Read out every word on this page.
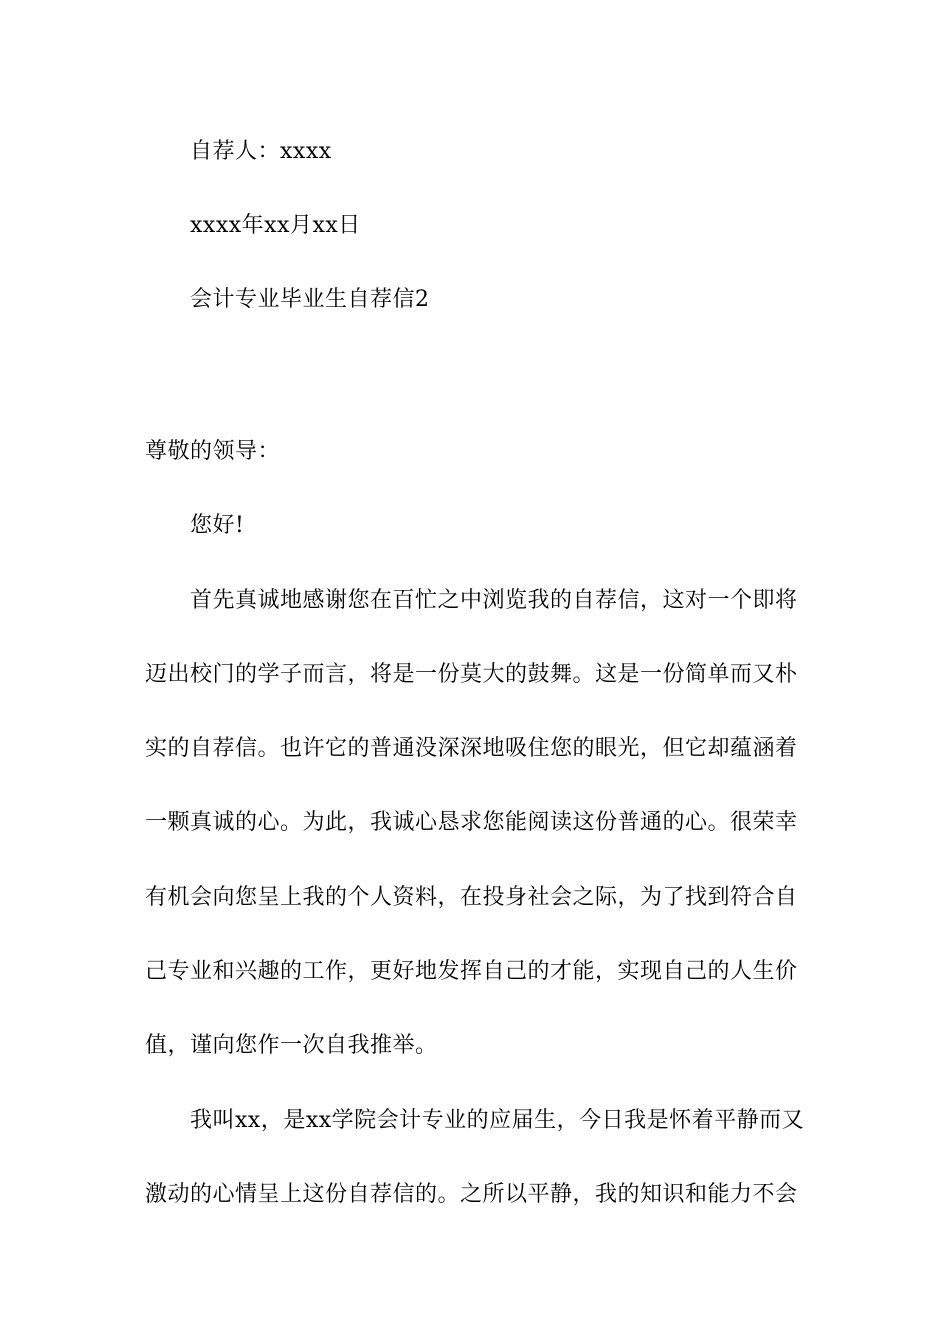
自荐人：xxxx
xxxx年xx月xx日
会计专业毕业生自荐信2
尊敬的领导：
您好!
首先真诚地感谢您在百忙之中浏览我的自荐信，这对一个即将
迈出校门的学子而言，将是一份莫大的鼓舞。这是一份简单而又朴
实的自荐信。也许它的普通没深深地吸住您的眼光，但它却蕴涵着
一颗真诚的心。为此，我诚心恳求您能阅读这份普通的心。很荣幸
有机会向您呈上我的个人资料，在投身社会之际，为了找到符合自
己专业和兴趣的工作，更好地发挥自己的才能，实现自己的人生价
值，谨向您作一次自我推举。
我叫xx，是xx学院会计专业的应届生，今日我是怀着平静而又
激动的心情呈上这份自荐信的。之所以平静，我的知识和能力不会
